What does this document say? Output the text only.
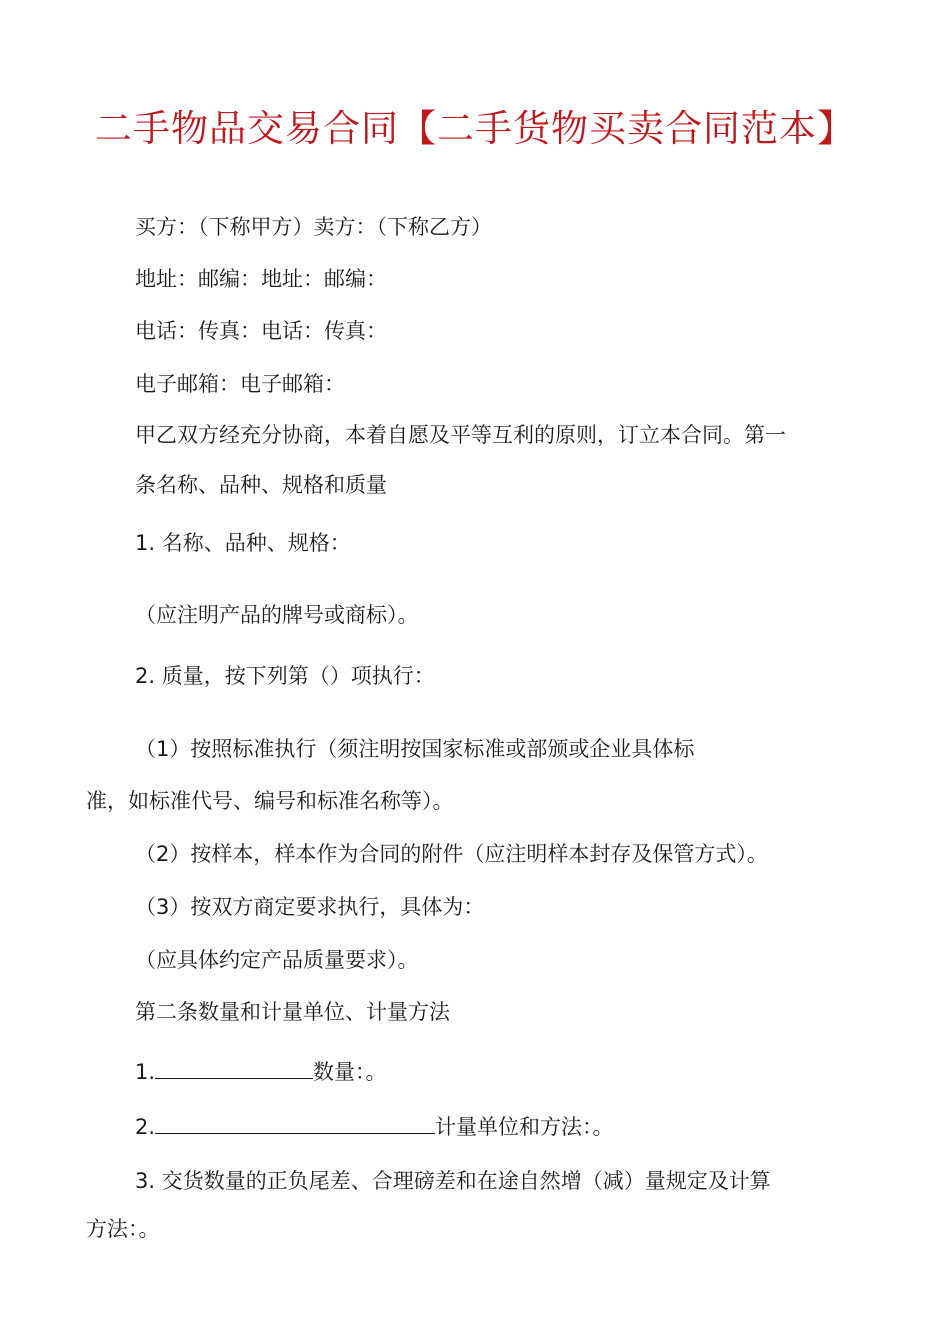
二手物品交易合同【二手货物买卖合同范本】
买方：（下称甲方）卖方：（下称乙方）
地址：邮编：地址：邮编：
电话：传真：电话：传真：
电子邮箱：电子邮箱：
甲乙双方经充分协商，本着自愿及平等互利的原则，订立本合同。第一
条名称、品种、规格和质量
1. 名称、品种、规格：
（应注明产品的牌号或商标）。
2. 质量，按下列第（）项执行：
（1）按照标准执行（须注明按国家标准或部颁或企业具体标
准，如标准代号、编号和标准名称等）。
（2）按样本，样本作为合同的附件（应注明样本封存及保管方式）。
（3）按双方商定要求执行，具体为：
（应具体约定产品质量要求）。
第二条数量和计量单位、计量方法
1.	数量：。
2.	计量单位和方法：。
3. 交货数量的正负尾差、合理磅差和在途自然增（减）量规定及计算
方法：。
